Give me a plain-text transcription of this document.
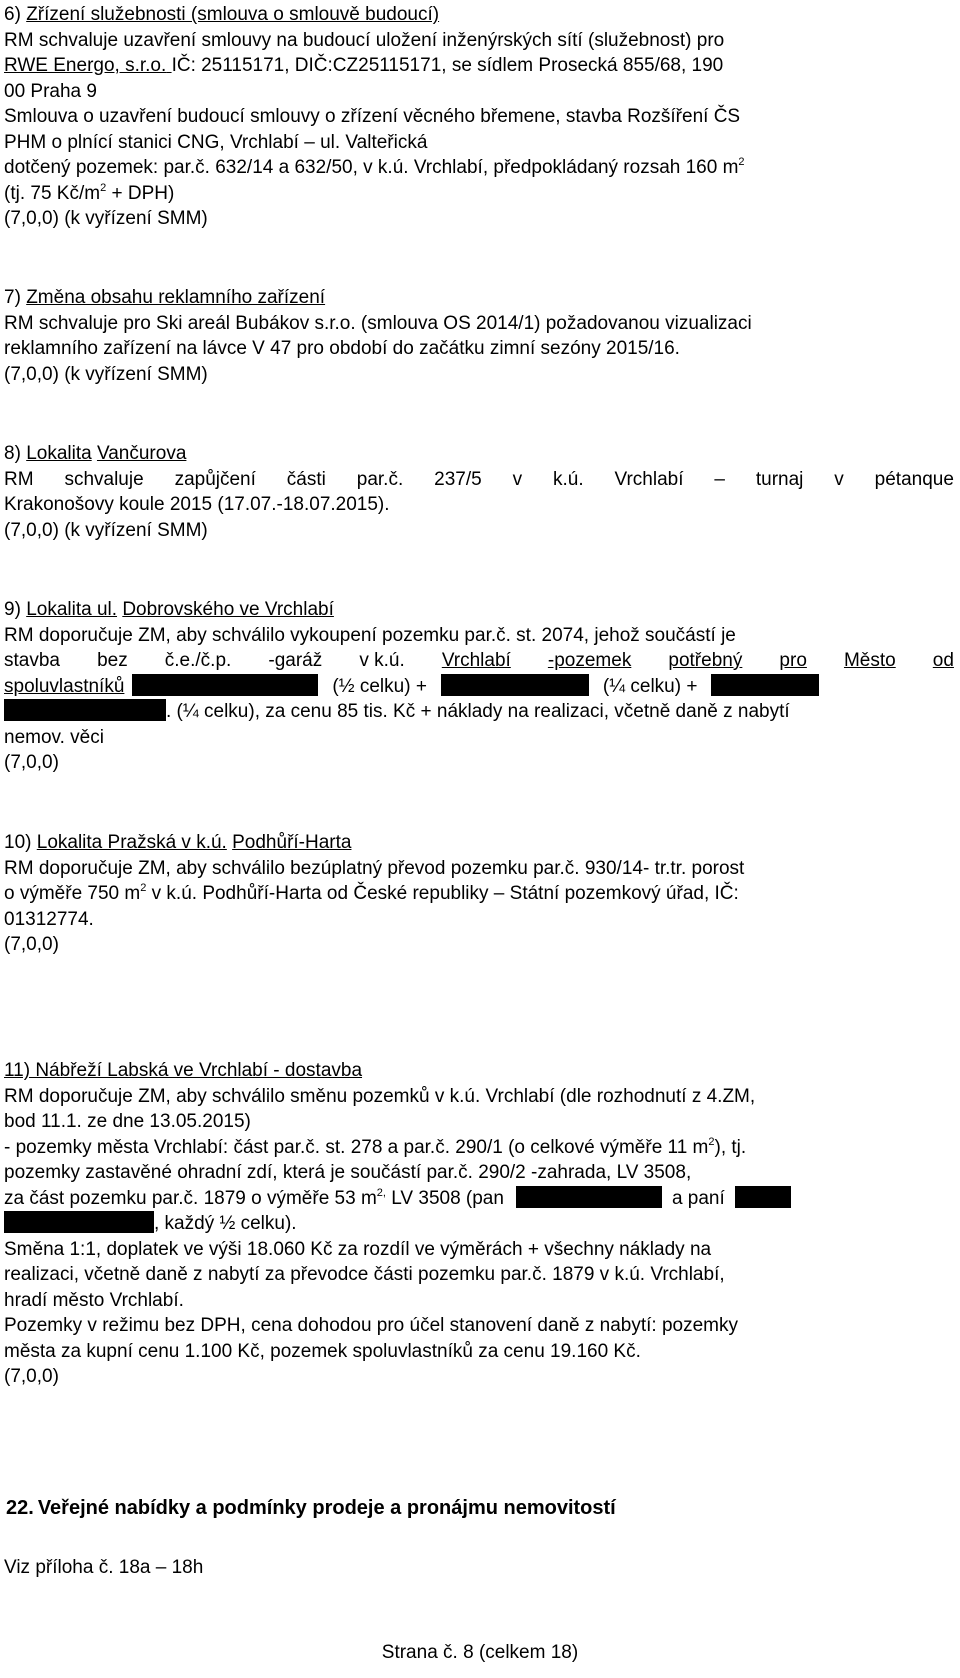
6) Zřízení služebnosti (smlouva o smlouvě budoucí)
RM schvaluje uzavření smlouvy na budoucí uložení inženýrských sítí (služebnost) pro
RWE Energo, s.r.o. IČ: 25115171, DIČ:CZ25115171, se sídlem Prosecká 855/68, 190
00 Praha 9
Smlouva o uzavření budoucí smlouvy o zřízení věcného břemene, stavba Rozšíření ČS
PHM o plnící stanici CNG, Vrchlabí – ul. Valteřická
dotčený pozemek: par.č. 632/14 a 632/50, v k.ú. Vrchlabí, předpokládaný rozsah 160 $m^2$
(tj. 75 $Kč/m^2 + DPH$)
(7,0,0) (k vyřízení SMM)
7) Změna obsahu reklamního zařízení
RM schvaluje pro Ski areál Bubákov s.r.o. (smlouva OS 2014/1) požadovanou vizualizaci
reklamního zařízení na lávce V 47 pro období do začátku zimní sezóny 2015/16.
(7,0,0) (k vyřízení SMM)
8) Lokalita Vančurova
RM schvaluje zapůjčení části par.č. 237/5 v k.ú. Vrchlabí – turnaj v pétanque
Krakonošovy koule 2015 (17.07.-18.07.2015).
(7,0,0) (k vyřízení SMM)
9) Lokalita ul. Dobrovského ve Vrchlabí
RM doporučuje ZM, aby schválilo vykoupení pozemku par.č. st. 2074, jehož součástí je
stavba bez č.e./č.p. -garáž v k.ú. Vrchlabí -pozemek potřebný pro Město od
spoluvlastníků	(½ celku) +	(¼ celku) +
. (¼ celku), za cenu 85 tis. Kč + náklady na realizaci, včetně daně z nabytí
nemov. věci
(7,0,0)
10) Lokalita Pražská v k.ú. Podhůří-Harta
RM doporučuje ZM, aby schválilo bezúplatný převod pozemku par.č. 930/14- tr.tr. porost
o výměře 750 $m^2$ v k.ú. Podhůří-Harta od České republiky – Státní pozemkový úřad, IČ:
01312774.
(7,0,0)
11) Nábřeží Labská ve Vrchlabí - dostavba
RM doporučuje ZM, aby schválilo směnu pozemků v k.ú. Vrchlabí (dle rozhodnutí z 4.ZM,
bod 11.1. ze dne 13.05.2015)
- pozemky města Vrchlabí: část par.č. st. 278 a par.č. 290/1 (o celkové výměře 11 $m^2$), tj.
pozemky zastavěné ohradní zdí, která je součástí par.č. 290/2 -zahrada, LV 3508,
za část pozemku par.č. 1879 o výměře 53 $m^{2,}$ LV 3508 (pan	a paní
, každý ½ celku).
Směna 1:1, doplatek ve výši 18.060 Kč za rozdíl ve výměrách + všechny náklady na
realizaci, včetně daně z nabytí za převodce části pozemku par.č. 1879 v k.ú. Vrchlabí,
hradí město Vrchlabí.
Pozemky v režimu bez DPH, cena dohodou pro účel stanovení daně z nabytí: pozemky
města za kupní cenu 1.100 Kč, pozemek spoluvlastníků za cenu 19.160 Kč.
(7,0,0)
22. Veřejné nabídky a podmínky prodeje a pronájmu nemovitostí
Viz příloha č. 18a – 18h
Strana č. 8 (celkem 18)
